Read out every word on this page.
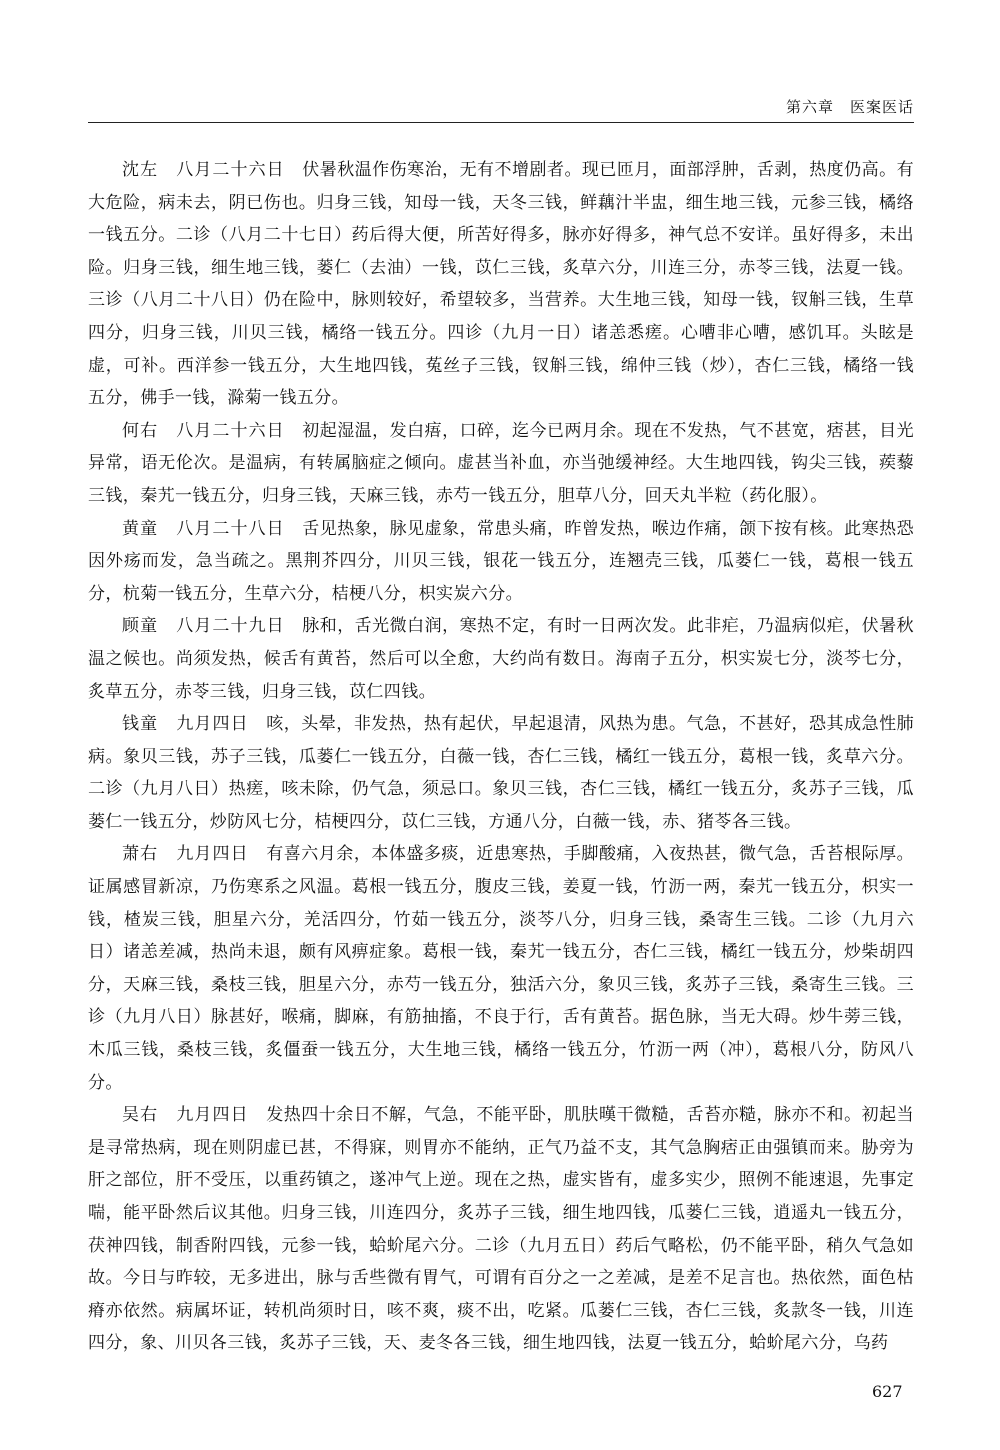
第六章　医案医话

沈左　八月二十六日　伏暑秋温作伤寒治，无有不增剧者。现已匝月，面部浮肿，舌剥，热度仍高。有大危险，病未去，阴已伤也。归身三钱，知母一钱，天冬三钱，鲜藕汁半盅，细生地三钱，元参三钱，橘络一钱五分。二诊（八月二十七日）药后得大便，所苦好得多，脉亦好得多，神气总不安详。虽好得多，未出险。归身三钱，细生地三钱，蒌仁（去油）一钱，苡仁三钱，炙草六分，川连三分，赤苓三钱，法夏一钱。三诊（八月二十八日）仍在险中，脉则较好，希望较多，当营养。大生地三钱，知母一钱，钗斛三钱，生草四分，归身三钱，川贝三钱，橘络一钱五分。四诊（九月一日）诸恙悉瘥。心嘈非心嘈，感饥耳。头眩是虚，可补。西洋参一钱五分，大生地四钱，菟丝子三钱，钗斛三钱，绵仲三钱（炒），杏仁三钱，橘络一钱五分，佛手一钱，滁菊一钱五分。

何右　八月二十六日　初起湿温，发白痦，口碎，迄今已两月余。现在不发热，气不甚宽，痞甚，目光异常，语无伦次。是温病，有转属脑症之倾向。虚甚当补血，亦当弛缓神经。大生地四钱，钩尖三钱，蒺藜三钱，秦艽一钱五分，归身三钱，天麻三钱，赤芍一钱五分，胆草八分，回天丸半粒（药化服）。

黄童　八月二十八日　舌见热象，脉见虚象，常患头痛，昨曾发热，喉边作痛，颌下按有核。此寒热恐因外疡而发，急当疏之。黑荆芥四分，川贝三钱，银花一钱五分，连翘壳三钱，瓜蒌仁一钱，葛根一钱五分，杭菊一钱五分，生草六分，桔梗八分，枳实炭六分。

顾童　八月二十九日　脉和，舌光微白润，寒热不定，有时一日两次发。此非疟，乃温病似疟，伏暑秋温之候也。尚须发热，候舌有黄苔，然后可以全愈，大约尚有数日。海南子五分，枳实炭七分，淡芩七分，炙草五分，赤苓三钱，归身三钱，苡仁四钱。

钱童　九月四日　咳，头晕，非发热，热有起伏，早起退清，风热为患。气急，不甚好，恐其成急性肺病。象贝三钱，苏子三钱，瓜蒌仁一钱五分，白薇一钱，杏仁三钱，橘红一钱五分，葛根一钱，炙草六分。二诊（九月八日）热瘥，咳未除，仍气急，须忌口。象贝三钱，杏仁三钱，橘红一钱五分，炙苏子三钱，瓜蒌仁一钱五分，炒防风七分，桔梗四分，苡仁三钱，方通八分，白薇一钱，赤、猪苓各三钱。

萧右　九月四日　有喜六月余，本体盛多痰，近患寒热，手脚酸痛，入夜热甚，微气急，舌苔根际厚。证属感冒新凉，乃伤寒系之风温。葛根一钱五分，腹皮三钱，姜夏一钱，竹沥一两，秦艽一钱五分，枳实一钱，楂炭三钱，胆星六分，羌活四分，竹茹一钱五分，淡芩八分，归身三钱，桑寄生三钱。二诊（九月六日）诸恙差减，热尚未退，颇有风痹症象。葛根一钱，秦艽一钱五分，杏仁三钱，橘红一钱五分，炒柴胡四分，天麻三钱，桑枝三钱，胆星六分，赤芍一钱五分，独活六分，象贝三钱，炙苏子三钱，桑寄生三钱。三诊（九月八日）脉甚好，喉痛，脚麻，有筋抽搐，不良于行，舌有黄苔。据色脉，当无大碍。炒牛蒡三钱，木瓜三钱，桑枝三钱，炙僵蚕一钱五分，大生地三钱，橘络一钱五分，竹沥一两（冲），葛根八分，防风八分。

吴右　九月四日　发热四十余日不解，气急，不能平卧，肌肤暵干微糙，舌苔亦糙，脉亦不和。初起当是寻常热病，现在则阴虚已甚，不得寐，则胃亦不能纳，正气乃益不支，其气急胸痞正由强镇而来。胁旁为肝之部位，肝不受压，以重药镇之，遂冲气上逆。现在之热，虚实皆有，虚多实少，照例不能速退，先事定喘，能平卧然后议其他。归身三钱，川连四分，炙苏子三钱，细生地四钱，瓜蒌仁三钱，逍遥丸一钱五分，茯神四钱，制香附四钱，元参一钱，蛤蚧尾六分。二诊（九月五日）药后气略松，仍不能平卧，稍久气急如故。今日与昨较，无多进出，脉与舌些微有胃气，可谓有百分之一之差减，是差不足言也。热依然，面色枯瘠亦依然。病属坏证，转机尚须时日，咳不爽，痰不出，吃紧。瓜蒌仁三钱，杏仁三钱，炙款冬一钱，川连四分，象、川贝各三钱，炙苏子三钱，天、麦冬各三钱，细生地四钱，法夏一钱五分，蛤蚧尾六分，乌药

627
